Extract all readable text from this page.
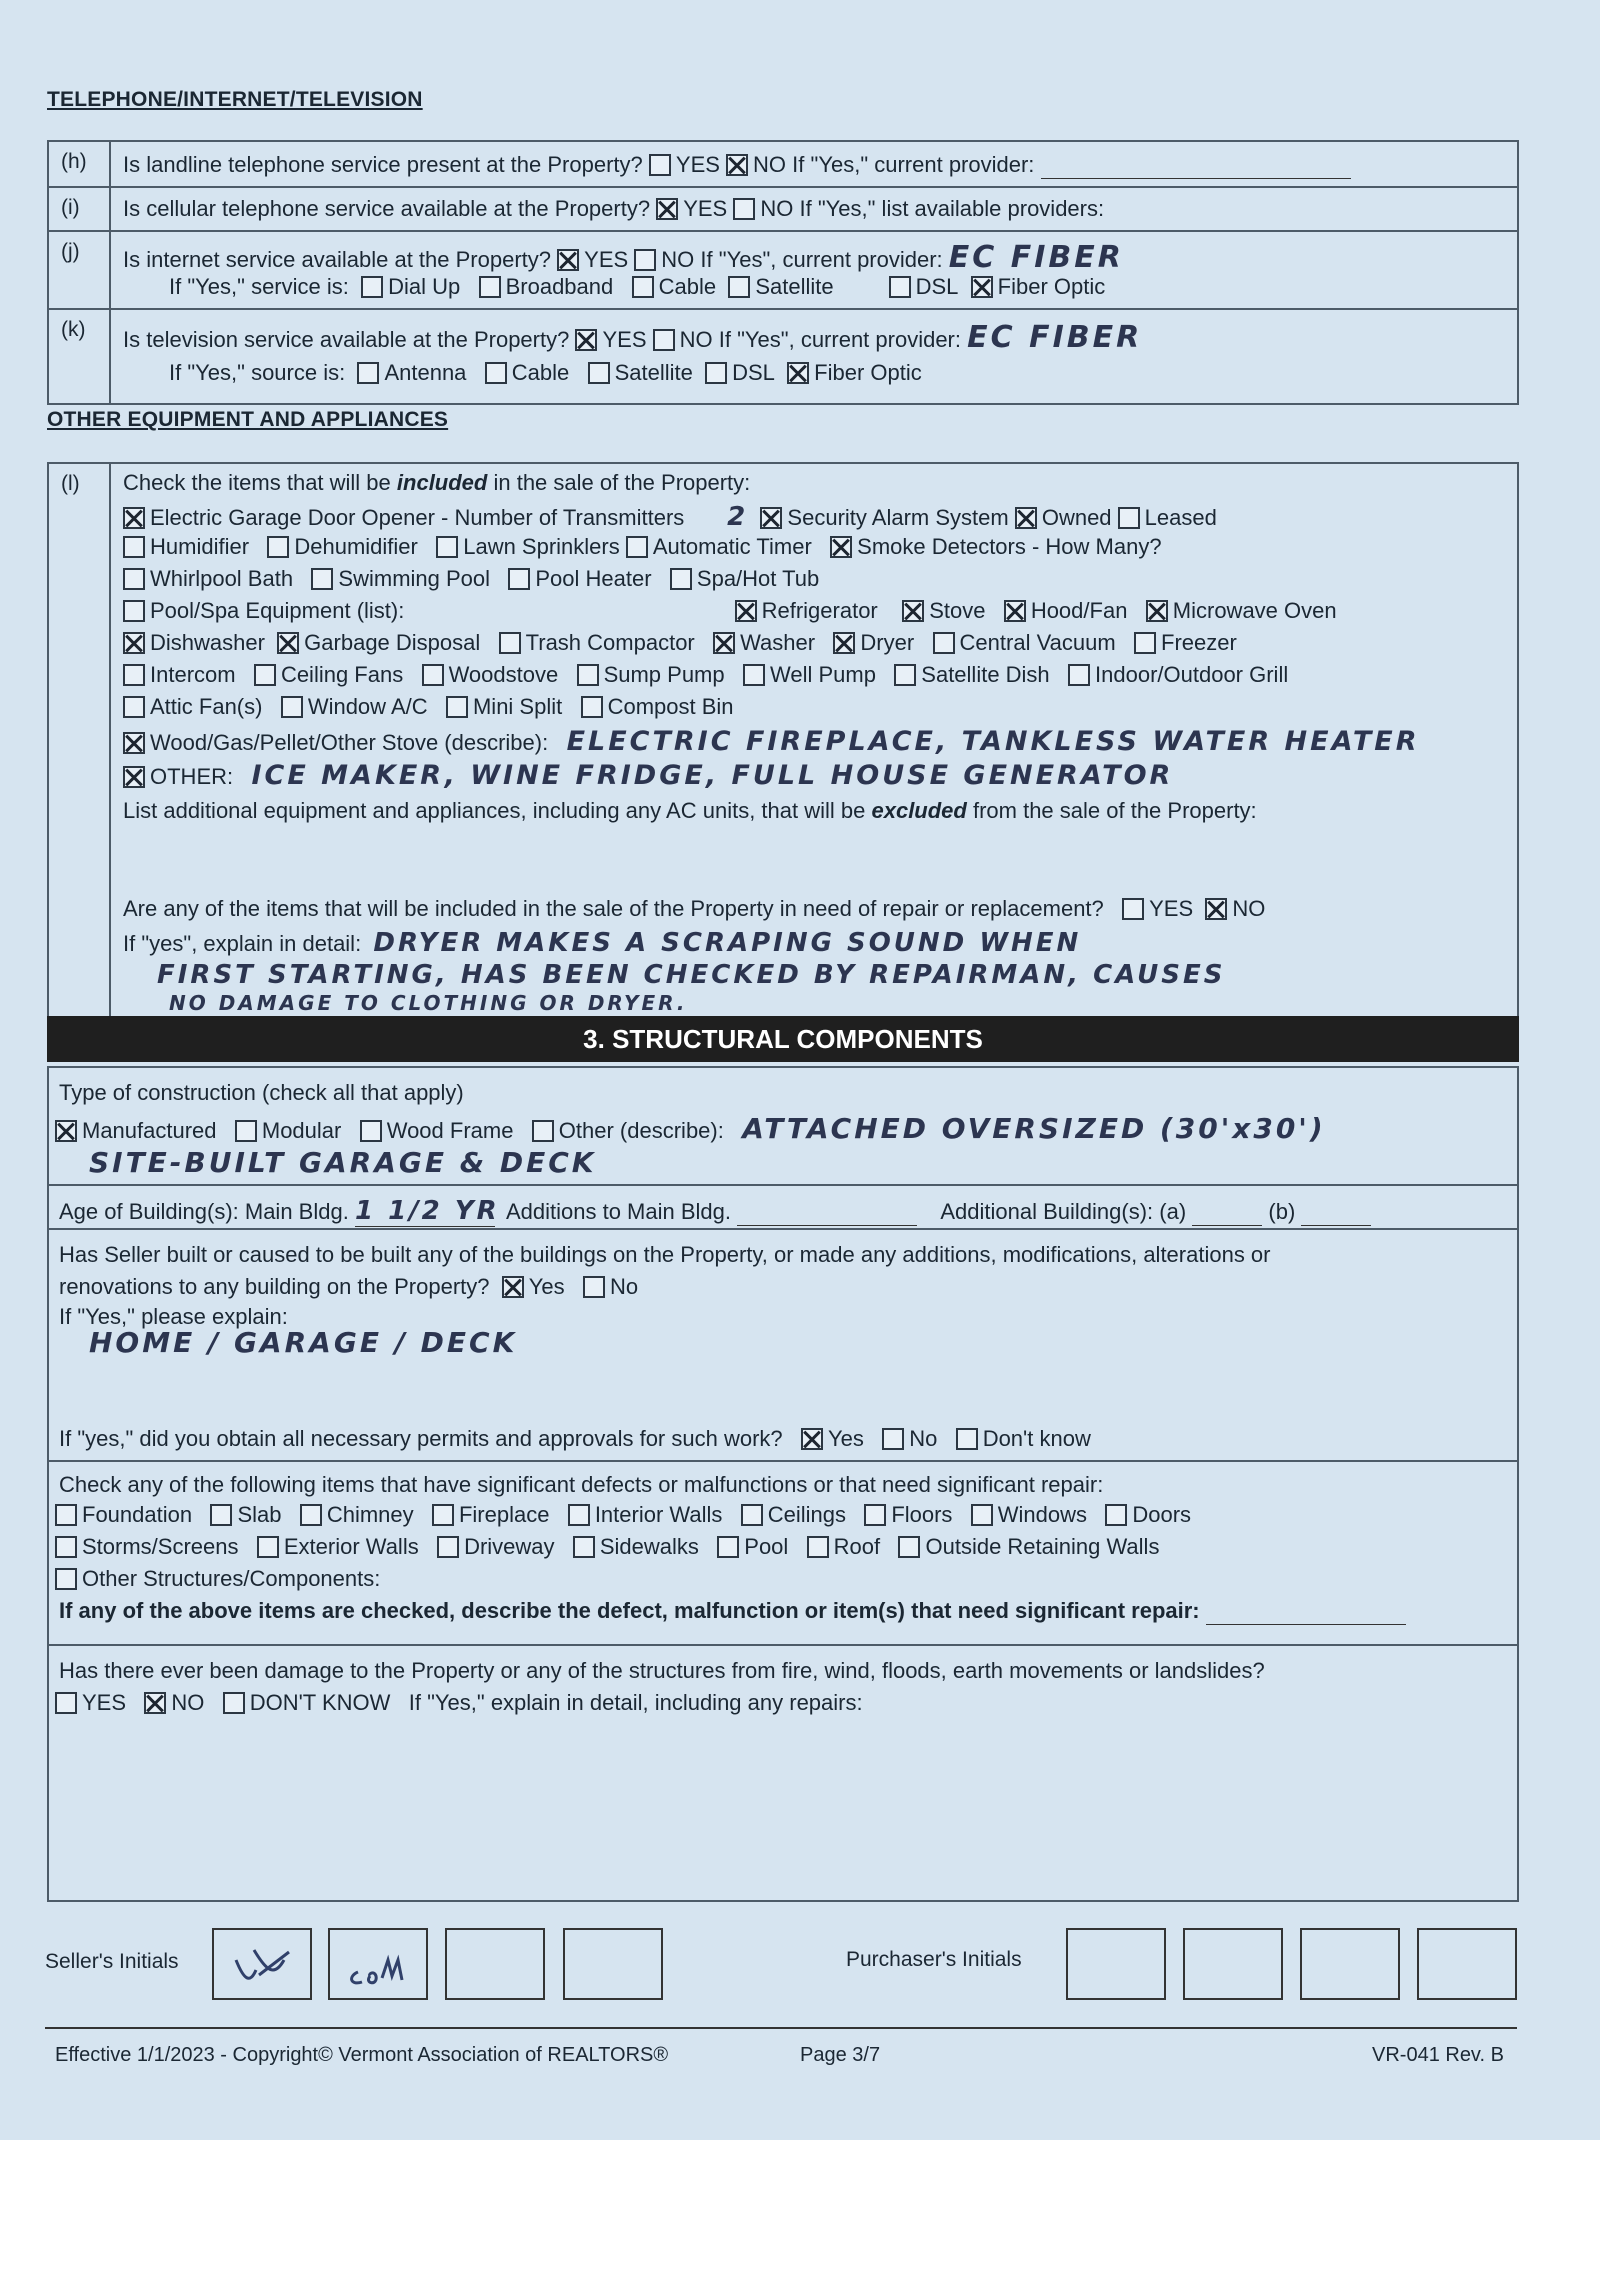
TELEPHONE/INTERNET/TELEVISION
(h)	Is landline telephone service present at the Property? YES NO If "Yes," current provider:
(i)	Is cellular telephone service available at the Property? YES NO If "Yes," list available providers:
(j)	Is internet service available at the Property? YES NO If "Yes", current provider: EC FIBER
If "Yes," service is: Dial Up Broadband Cable Satellite	DSL Fiber Optic
(k)	Is television service available at the Property? YES NO If "Yes", current provider: EC FIBER
If "Yes," source is: Antenna Cable Satellite DSL Fiber Optic
OTHER EQUIPMENT AND APPLIANCES
(l)	Check the items that will be included in the sale of the Property:
Electric Garage Door Opener - Number of Transmitters 2 Security Alarm System Owned Leased
Humidifier Dehumidifier Lawn Sprinklers Automatic Timer Smoke Detectors - How Many?
Whirlpool Bath Swimming Pool Pool Heater Spa/Hot Tub
Pool/Spa Equipment (list):	Refrigerator Stove Hood/Fan Microwave Oven
Dishwasher Garbage Disposal Trash Compactor Washer Dryer Central Vacuum Freezer
Intercom Ceiling Fans Woodstove Sump Pump Well Pump Satellite Dish Indoor/Outdoor Grill
Attic Fan(s) Window A/C Mini Split Compost Bin
Wood/Gas/Pellet/Other Stove (describe): ELECTRIC FIREPLACE, TANKLESS WATER HEATER
OTHER: ICE MAKER, WINE FRIDGE, FULL HOUSE GENERATOR
List additional equipment and appliances, including any AC units, that will be excluded from the sale of the Property:
Are any of the items that will be included in the sale of the Property in need of repair or replacement? YES NO
If "yes", explain in detail: DRYER MAKES A SCRAPING SOUND WHEN
FIRST STARTING, HAS BEEN CHECKED BY REPAIRMAN, CAUSES
NO DAMAGE TO CLOTHING OR DRYER.
3. STRUCTURAL COMPONENTS
Type of construction (check all that apply)
Manufactured Modular Wood Frame Other (describe): ATTACHED OVERSIZED (30'x30')
SITE-BUILT GARAGE & DECK
Age of Building(s): Main Bldg. 1 1/2 YR Additions to Main Bldg.	Additional Building(s): (a)	(b)
Has Seller built or caused to be built any of the buildings on the Property, or made any additions, modifications, alterations or
renovations to any building on the Property? Yes No
If "Yes," please explain:
HOME / GARAGE / DECK
If "yes," did you obtain all necessary permits and approvals for such work? Yes No Don't know
Check any of the following items that have significant defects or malfunctions or that need significant repair:
Foundation Slab Chimney Fireplace Interior Walls Ceilings Floors Windows Doors
Storms/Screens Exterior Walls Driveway Sidewalks Pool Roof Outside Retaining Walls
Other Structures/Components:
If any of the above items are checked, describe the defect, malfunction or item(s) that need significant repair:
Has there ever been damage to the Property or any of the structures from fire, wind, floods, earth movements or landslides?
YES NO DON'T KNOW If "Yes," explain in detail, including any repairs:
Seller's Initials	Purchaser's Initials
Effective 1/1/2023 - Copyright© Vermont Association of REALTORS®	Page 3/7	VR-041 Rev. B
